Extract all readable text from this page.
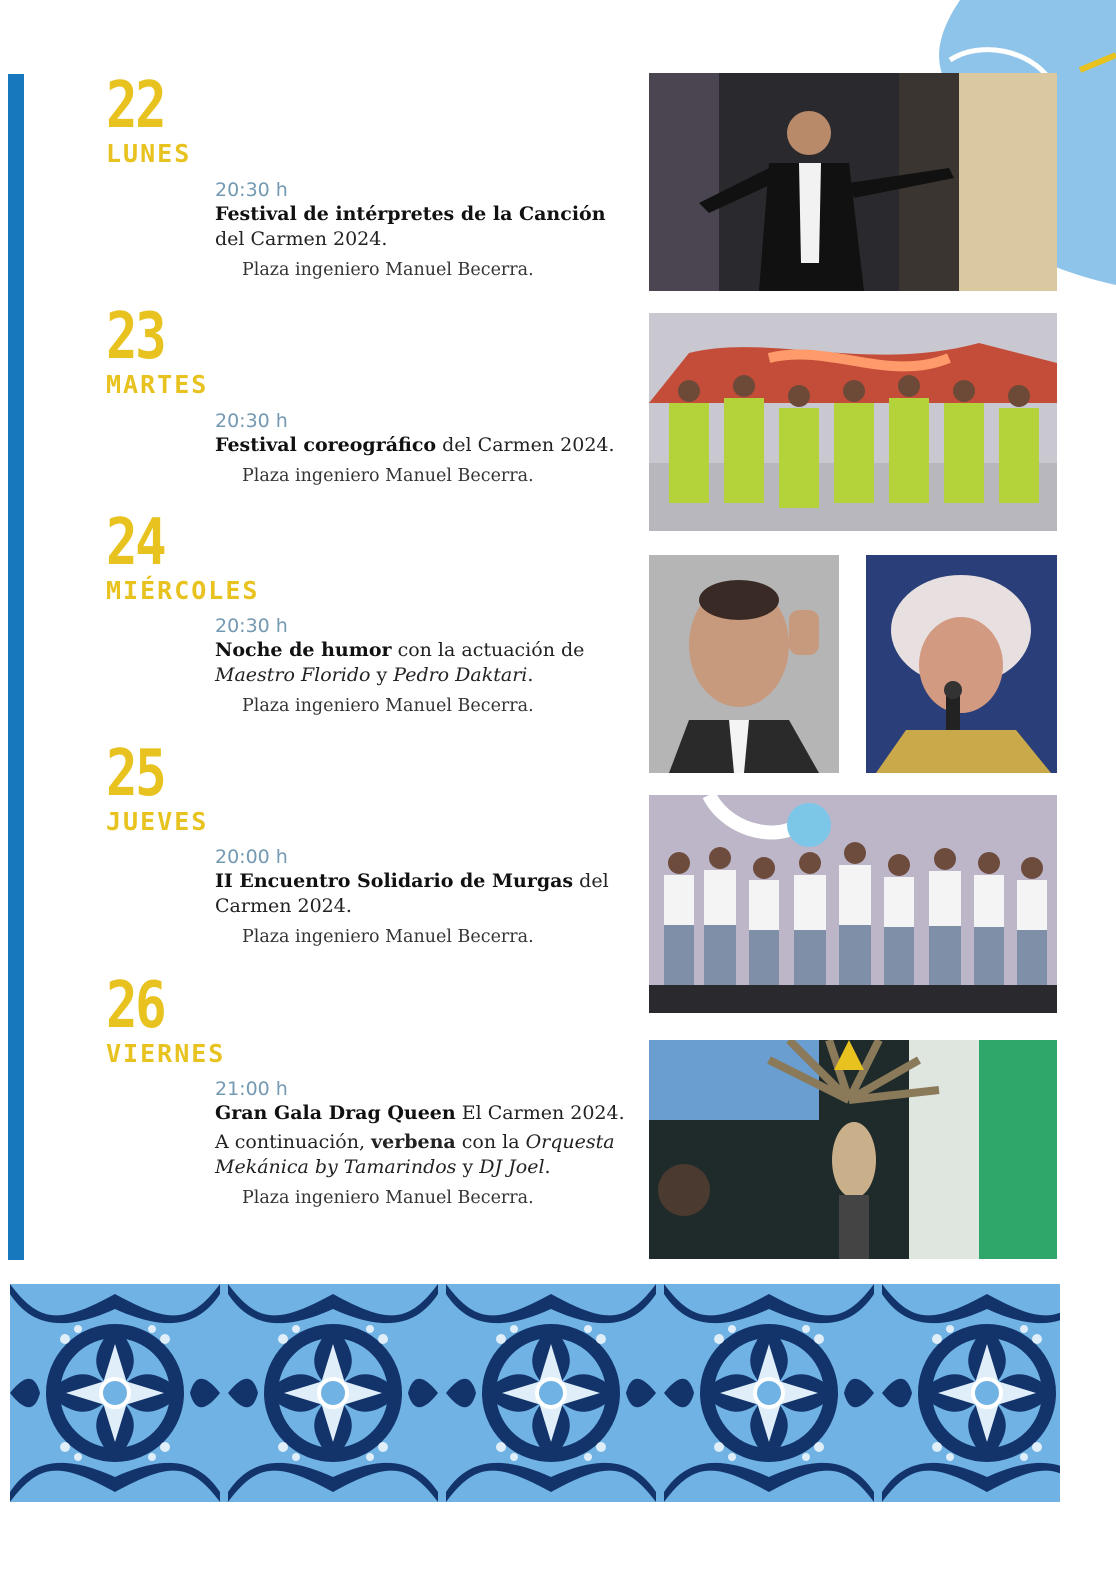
22
LUNES
20:30 h
Festival de intérpretes de la Canción del Carmen 2024.
Plaza ingeniero Manuel Becerra.
23
MARTES
20:30 h
Festival coreográfico del Carmen 2024.
Plaza ingeniero Manuel Becerra.
24
MIÉRCOLES
20:30 h
Noche de humor con la actuación de
Maestro Florido y Pedro Daktari.
Plaza ingeniero Manuel Becerra.
25
JUEVES
20:00 h
II Encuentro Solidario de Murgas del Carmen 2024.
Plaza ingeniero Manuel Becerra.
26
VIERNES
21:00 h
Gran Gala Drag Queen El Carmen 2024.
A continuación, verbena con la Orquesta Mekánica by Tamarindos y DJ Joel.
Plaza ingeniero Manuel Becerra.
